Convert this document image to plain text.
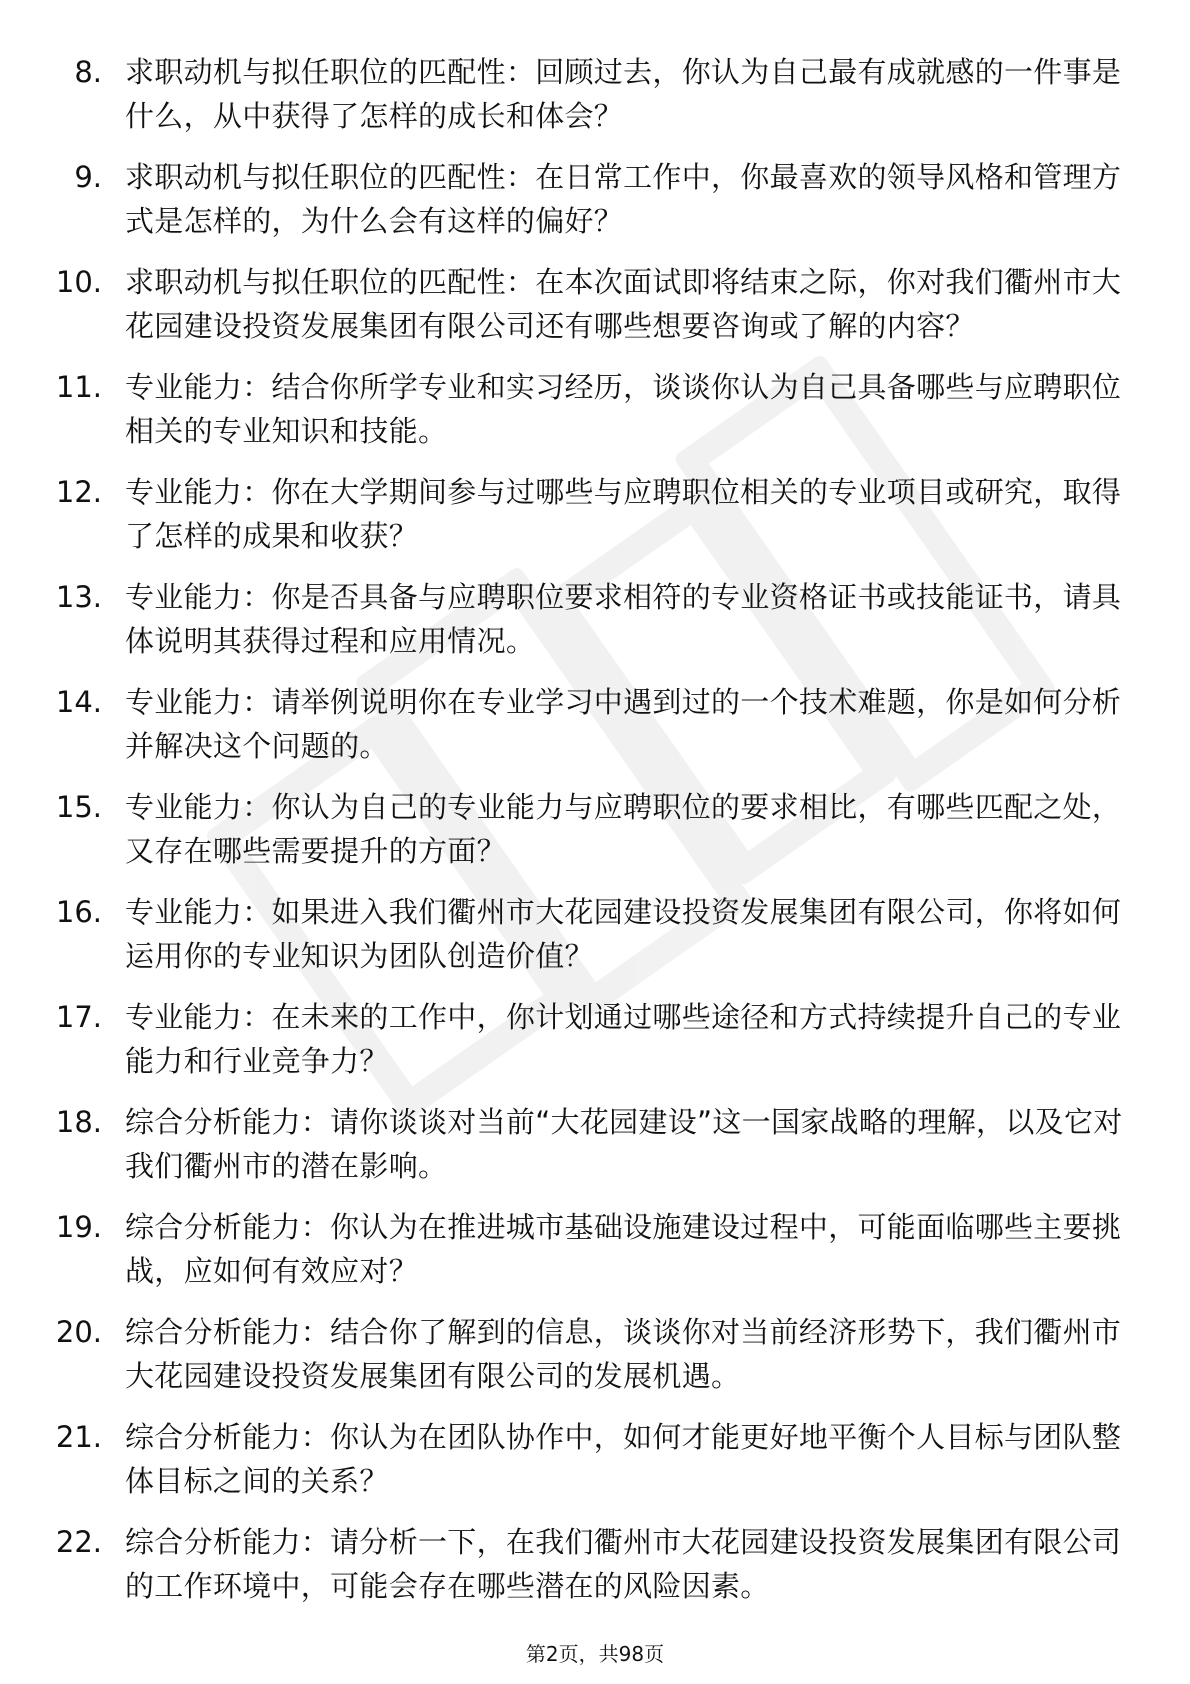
8. 求职动机与拟任职位的匹配性：回顾过去，你认为自己最有成就感的一件事是什么，从中获得了怎样的成长和体会？
9. 求职动机与拟任职位的匹配性：在日常工作中，你最喜欢的领导风格和管理方式是怎样的，为什么会有这样的偏好？
10. 求职动机与拟任职位的匹配性：在本次面试即将结束之际，你对我们衢州市大花园建设投资发展集团有限公司还有哪些想要咨询或了解的内容？
11. 专业能力：结合你所学专业和实习经历，谈谈你认为自己具备哪些与应聘职位相关的专业知识和技能。
12. 专业能力：你在大学期间参与过哪些与应聘职位相关的专业项目或研究，取得了怎样的成果和收获？
13. 专业能力：你是否具备与应聘职位要求相符的专业资格证书或技能证书，请具体说明其获得过程和应用情况。
14. 专业能力：请举例说明你在专业学习中遇到过的一个技术难题，你是如何分析并解决这个问题的。
15. 专业能力：你认为自己的专业能力与应聘职位的要求相比，有哪些匹配之处，又存在哪些需要提升的方面？
16. 专业能力：如果进入我们衢州市大花园建设投资发展集团有限公司，你将如何运用你的专业知识为团队创造价值？
17. 专业能力：在未来的工作中，你计划通过哪些途径和方式持续提升自己的专业能力和行业竞争力？
18. 综合分析能力：请你谈谈对当前“大花园建设”这一国家战略的理解，以及它对我们衢州市的潜在影响。
19. 综合分析能力：你认为在推进城市基础设施建设过程中，可能面临哪些主要挑战，应如何有效应对？
20. 综合分析能力：结合你了解到的信息，谈谈你对当前经济形势下，我们衢州市大花园建设投资发展集团有限公司的发展机遇。
21. 综合分析能力：你认为在团队协作中，如何才能更好地平衡个人目标与团队整体目标之间的关系？
22. 综合分析能力：请分析一下，在我们衢州市大花园建设投资发展集团有限公司的工作环境中，可能会存在哪些潜在的风险因素。
第2页，共98页
